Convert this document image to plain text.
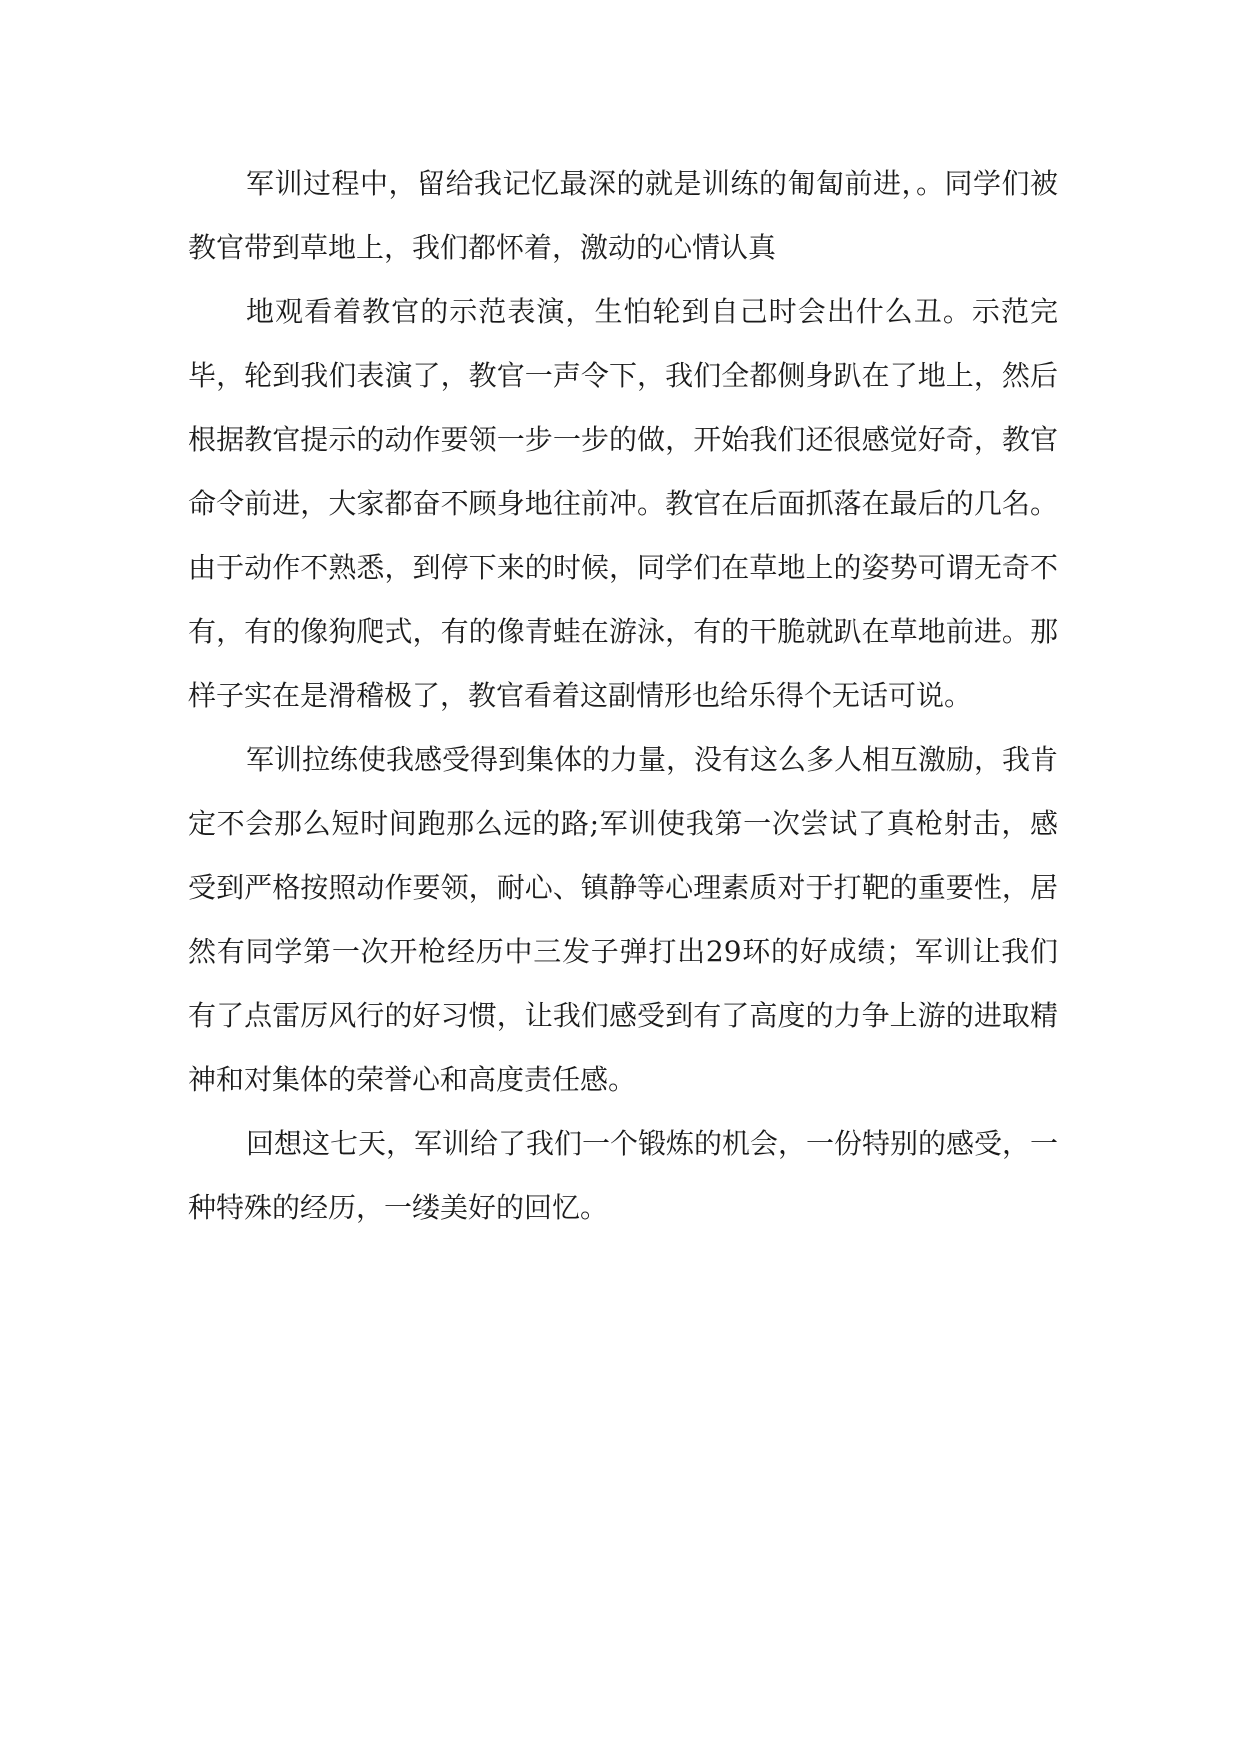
军训过程中，留给我记忆最深的就是训练的匍匐前进，。同学们被教官带到草地上，我们都怀着，激动的心情认真

地观看着教官的示范表演，生怕轮到自己时会出什么丑。示范完毕，轮到我们表演了，教官一声令下，我们全都侧身趴在了地上，然后根据教官提示的动作要领一步一步的做，开始我们还很感觉好奇，教官命令前进，大家都奋不顾身地往前冲。教官在后面抓落在最后的几名。由于动作不熟悉，到停下来的时候，同学们在草地上的姿势可谓无奇不有，有的像狗爬式，有的像青蛙在游泳，有的干脆就趴在草地前进。那样子实在是滑稽极了，教官看着这副情形也给乐得个无话可说。

军训拉练使我感受得到集体的力量，没有这么多人相互激励，我肯定不会那么短时间跑那么远的路;军训使我第一次尝试了真枪射击，感受到严格按照动作要领，耐心、镇静等心理素质对于打靶的重要性，居然有同学第一次开枪经历中三发子弹打出29环的好成绩；军训让我们有了点雷厉风行的好习惯，让我们感受到有了高度的力争上游的进取精神和对集体的荣誉心和高度责任感。

回想这七天，军训给了我们一个锻炼的机会，一份特别的感受，一种特殊的经历，一缕美好的回忆。
